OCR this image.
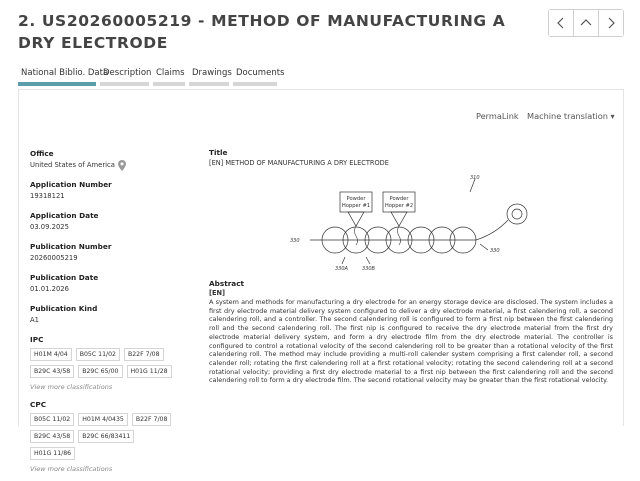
2. US20260005219 - METHOD OF MANUFACTURING A DRY ELECTRODE
National Biblio. Data
Description Claims Drawings Documents
PermaLink Machine translation ▾
Office
United States of America
Application Number
19318121
Application Date
03.09.2025
Publication Number
20260005219
Publication Date
01.01.2026
Publication Kind
A1
IPC
H01M 4/04	B05C 11/02	B22F 7/08
B29C 43/58	B29C 65/00	H01G 11/28
View more classifications
CPC
B05C 11/02	H01M 4/0435	B22F 7/08
B29C 43/58	B29C 66/83411
H01G 11/86
View more classifications
Title
[EN] METHOD OF MANUFACTURING A DRY ELECTRODE
Powder
Hopper #1
Powder
Hopper #2
310
330
330
330A	330B
Abstract
[EN]
A system and methods for manufacturing a dry electrode for an energy storage device are disclosed. The system includes a first dry electrode material delivery system configured to deliver a dry electrode material, a first calendering roll, a second calendering roll, and a controller. The second calendering roll is configured to form a first nip between the first calendering roll and the second calendering roll. The first nip is configured to receive the dry electrode material from the first dry electrode material delivery system, and form a dry electrode film from the dry electrode material. The controller is configured to control a rotational velocity of the second calendering roll to be greater than a rotational velocity of the first calendering roll. The method may include providing a multi-roll calender system comprising a first calender roll, a second calender roll; rotating the first calendering roll at a first rotational velocity; rotating the second calendering roll at a second rotational velocity; providing a first dry electrode material to a first nip between the first calendering roll and the second calendering roll to form a dry electrode film. The second rotational velocity may be greater than the first rotational velocity.
